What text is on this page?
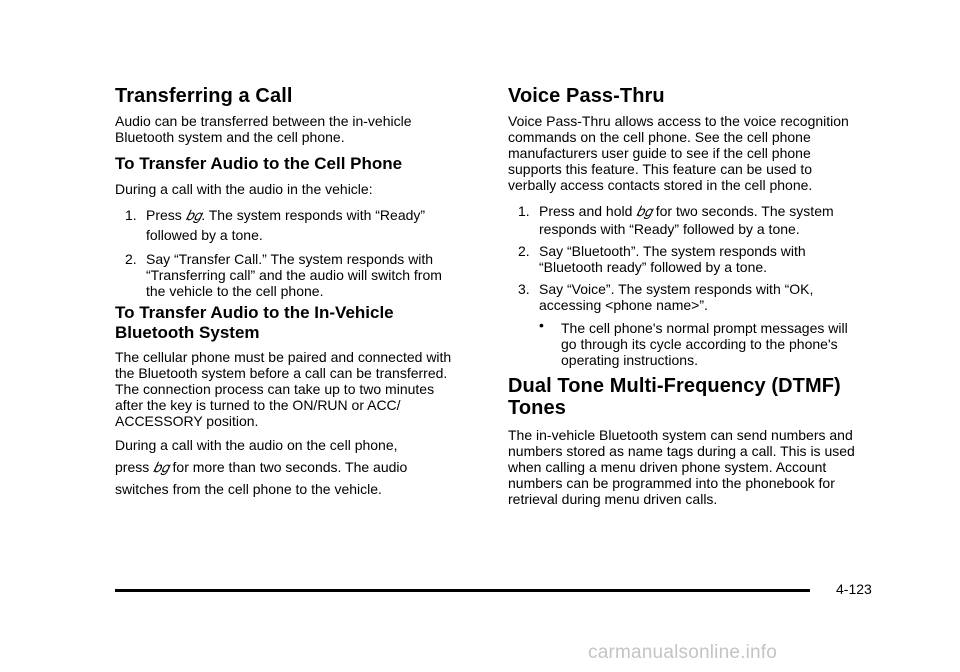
Transferring a Call

Audio can be transferred between the in-vehicle

Bluetooth system and the cell phone.

To Transfer Audio to the Cell Phone

During a call with the audio in the vehicle:

1. Press 𝑏𝑔. The system responds with “Ready”

followed by a tone.

2. Say “Transfer Call.” The system responds with

“Transferring call” and the audio will switch from

the vehicle to the cell phone.

To Transfer Audio to the In-Vehicle
Bluetooth System

The cellular phone must be paired and connected with

the Bluetooth system before a call can be transferred.

The connection process can take up to two minutes

after the key is turned to the ON/RUN or ACC/

ACCESSORY position.

During a call with the audio on the cell phone,

press 𝑏𝑔 for more than two seconds. The audio

switches from the cell phone to the vehicle.

Voice Pass-Thru

Voice Pass-Thru allows access to the voice recognition

commands on the cell phone. See the cell phone

manufacturers user guide to see if the cell phone

supports this feature. This feature can be used to

verbally access contacts stored in the cell phone.

1. Press and hold 𝑏𝑔 for two seconds. The system

responds with “Ready” followed by a tone.

2. Say “Bluetooth”. The system responds with

“Bluetooth ready” followed by a tone.

3. Say “Voice”. The system responds with “OK,

accessing <phone name>”.

• The cell phone's normal prompt messages will

go through its cycle according to the phone's

operating instructions.

Dual Tone Multi-Frequency (DTMF)
Tones

The in-vehicle Bluetooth system can send numbers and

numbers stored as name tags during a call. This is used

when calling a menu driven phone system. Account

numbers can be programmed into the phonebook for

retrieval during menu driven calls.

4-123
carmanualsonline.info
